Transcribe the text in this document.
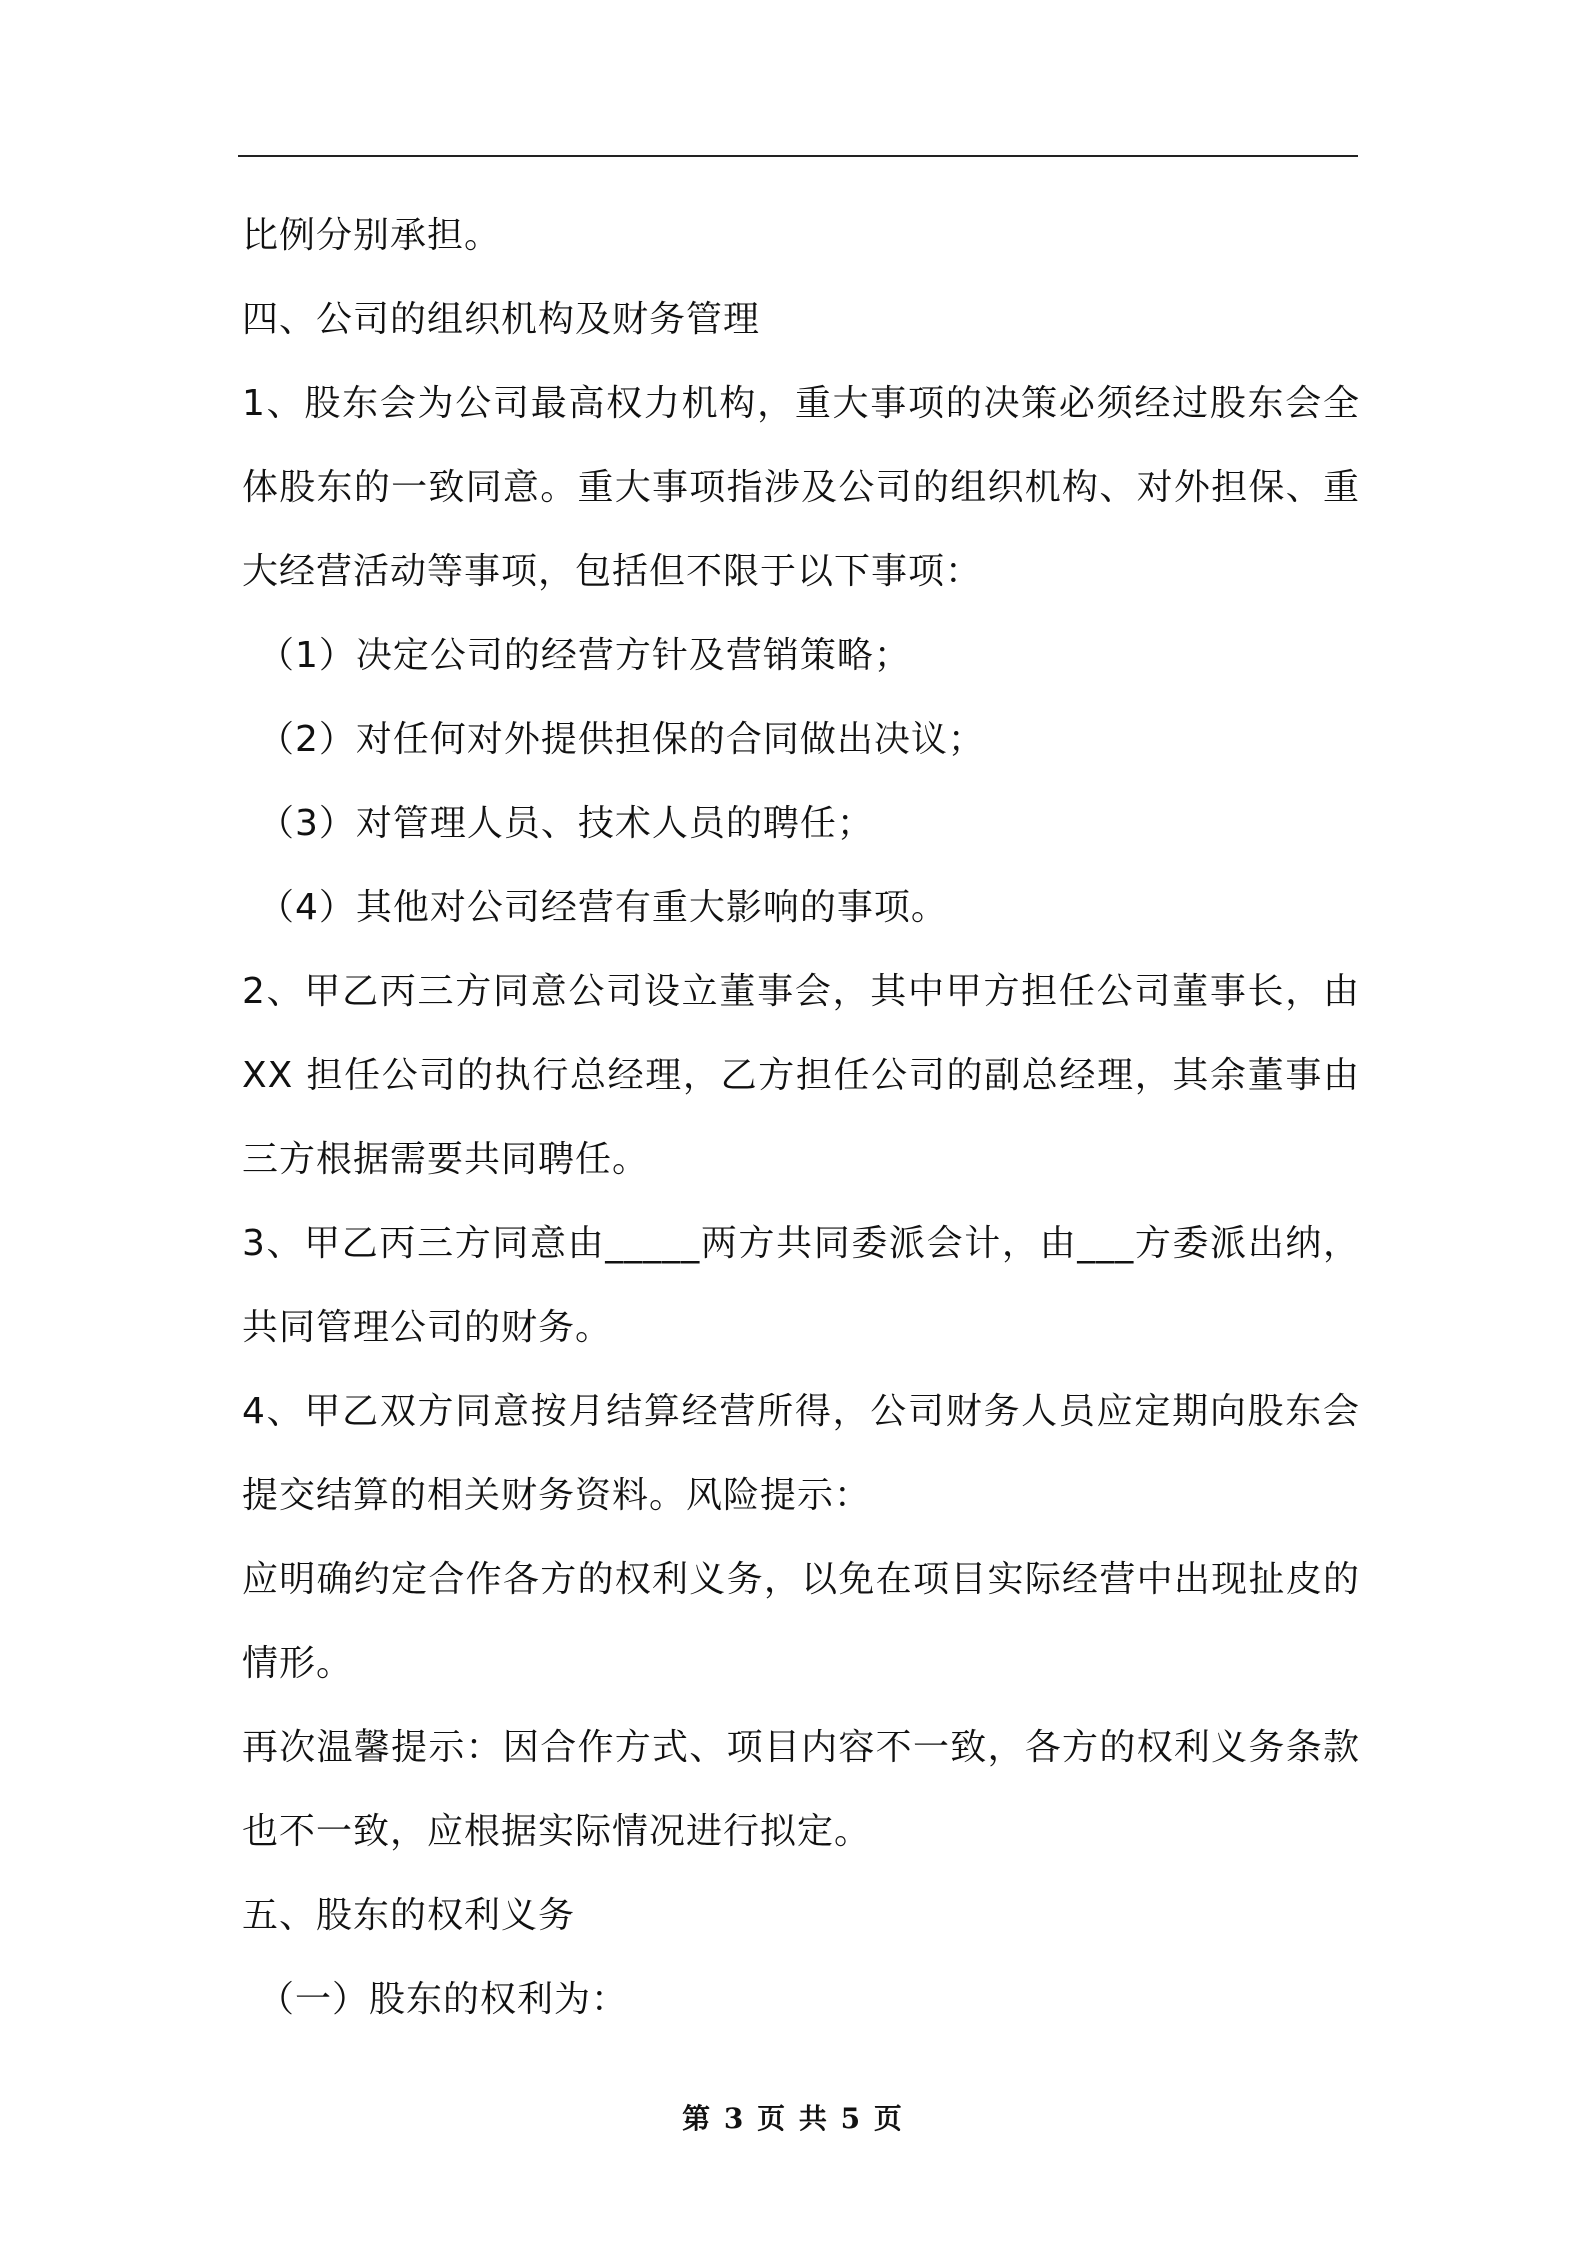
比例分别承担。
四、公司的组织机构及财务管理
1、股东会为公司最高权力机构，重大事项的决策必须经过股东会全
体股东的一致同意。重大事项指涉及公司的组织机构、对外担保、重
大经营活动等事项，包括但不限于以下事项：
（1）决定公司的经营方针及营销策略；
（2）对任何对外提供担保的合同做出决议；
（3）对管理人员、技术人员的聘任；
（4）其他对公司经营有重大影响的事项。
2、甲乙丙三方同意公司设立董事会，其中甲方担任公司董事长，由
XX 担任公司的执行总经理，乙方担任公司的副总经理，其余董事由
三方根据需要共同聘任。
3、甲乙丙三方同意由_____两方共同委派会计，由___方委派出纳，
共同管理公司的财务。
4、甲乙双方同意按月结算经营所得，公司财务人员应定期向股东会
提交结算的相关财务资料。风险提示：
应明确约定合作各方的权利义务，以免在项目实际经营中出现扯皮的
情形。
再次温馨提示：因合作方式、项目内容不一致，各方的权利义务条款
也不一致，应根据实际情况进行拟定。
五、股东的权利义务
（一）股东的权利为：
第 3 页 共 5 页
